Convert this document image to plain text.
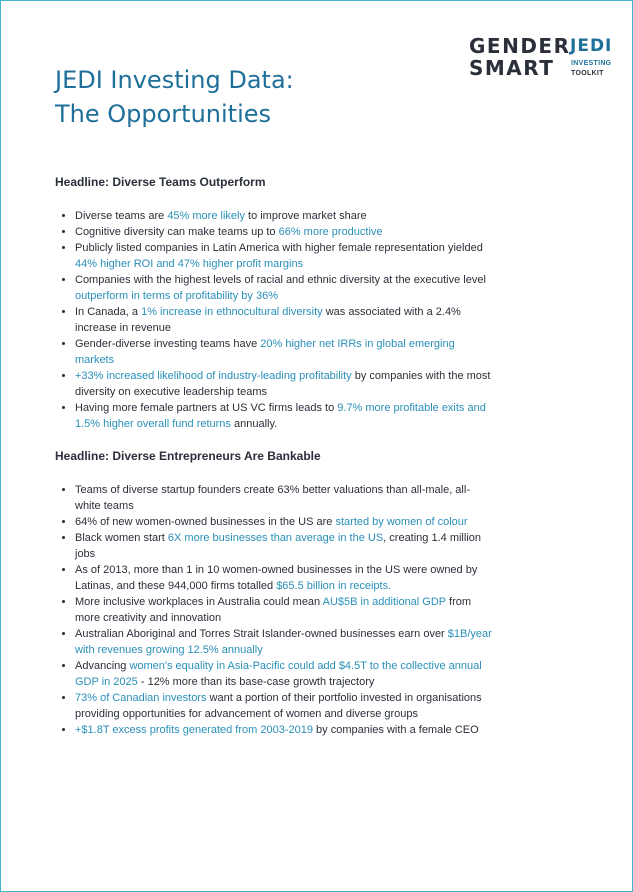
GENDER
SMART
JEDI
INVESTING
TOOLKIT
JEDI Investing Data:
The Opportunities
Headline: Diverse Teams Outperform
• Diverse teams are 45% more likely to improve market share
• Cognitive diversity can make teams up to 66% more productive
• Publicly listed companies in Latin America with higher female representation yielded 44% higher ROI and 47% higher profit margins
• Companies with the highest levels of racial and ethnic diversity at the executive level outperform in terms of profitability by 36%
• In Canada, a 1% increase in ethnocultural diversity was associated with a 2.4% increase in revenue
• Gender-diverse investing teams have 20% higher net IRRs in global emerging markets
• +33% increased likelihood of industry-leading profitability by companies with the most diversity on executive leadership teams
• Having more female partners at US VC firms leads to 9.7% more profitable exits and 1.5% higher overall fund returns annually.
Headline: Diverse Entrepreneurs Are Bankable
• Teams of diverse startup founders create 63% better valuations than all-male, all-white teams
• 64% of new women-owned businesses in the US are started by women of colour
• Black women start 6X more businesses than average in the US, creating 1.4 million jobs
• As of 2013, more than 1 in 10 women-owned businesses in the US were owned by Latinas, and these 944,000 firms totalled $65.5 billion in receipts.
• More inclusive workplaces in Australia could mean AU$5B in additional GDP from more creativity and innovation
• Australian Aboriginal and Torres Strait Islander-owned businesses earn over $1B/year with revenues growing 12.5% annually
• Advancing women's equality in Asia-Pacific could add $4.5T to the collective annual GDP in 2025 - 12% more than its base-case growth trajectory
• 73% of Canadian investors want a portion of their portfolio invested in organisations providing opportunities for advancement of women and diverse groups
• +$1.8T excess profits generated from 2003-2019 by companies with a female CEO
